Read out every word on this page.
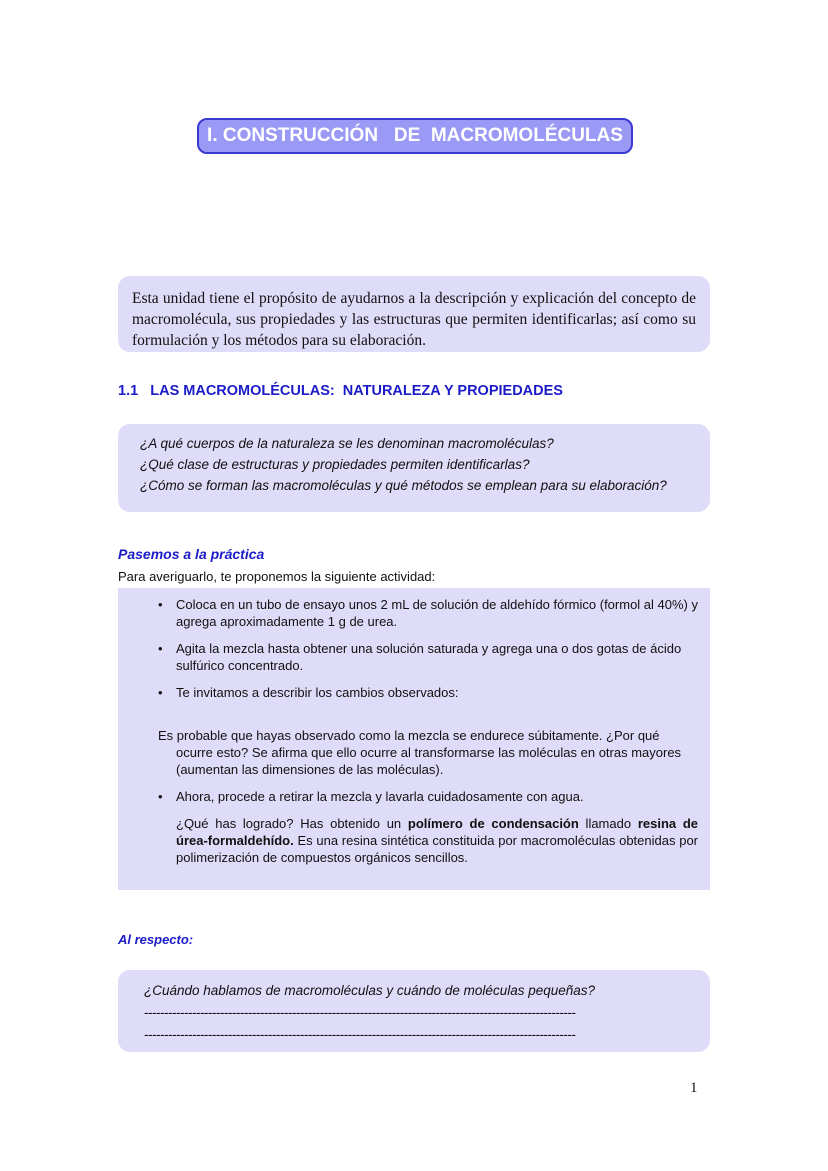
I. CONSTRUCCIÓN   DE  MACROMOLÉCULAS
Esta unidad tiene el propósito de ayudarnos a la descripción y explicación del concepto de macromolécula, sus propiedades y las estructuras que permiten identificarlas; así como su formulación y los métodos para su elaboración.
1.1   LAS MACROMOLÉCULAS:  NATURALEZA Y PROPIEDADES
¿A qué cuerpos de la naturaleza se les denominan macromoléculas?
¿Qué clase de estructuras y propiedades permiten identificarlas?
¿Cómo se forman las macromoléculas y qué métodos se emplean para su elaboración?
Pasemos a la práctica
Para averiguarlo, te proponemos la siguiente actividad:
• Coloca en un tubo de ensayo unos 2 mL de solución de aldehído fórmico (formol al 40%) y agrega aproximadamente 1 g de urea.
• Agita la mezcla hasta obtener una solución saturada y agrega una o dos gotas de ácido sulfúrico concentrado.
• Te invitamos a describir los cambios observados:
Es probable que hayas observado como la mezcla se endurece súbitamente. ¿Por qué ocurre esto? Se afirma que ello ocurre al transformarse las moléculas en otras mayores (aumentan las dimensiones de las moléculas).
• Ahora, procede a retirar la mezcla y lavarla cuidadosamente con agua.
¿Qué has logrado? Has obtenido un polímero de condensación llamado resina de úrea-formaldehído. Es una resina sintética constituida por macromoléculas obtenidas por polimerización de compuestos orgánicos sencillos.
Al respecto:
¿Cuándo hablamos de macromoléculas y cuándo de moléculas pequeñas?
------------------------------------------------------------------------------------------------------------
------------------------------------------------------------------------------------------------------------
1
